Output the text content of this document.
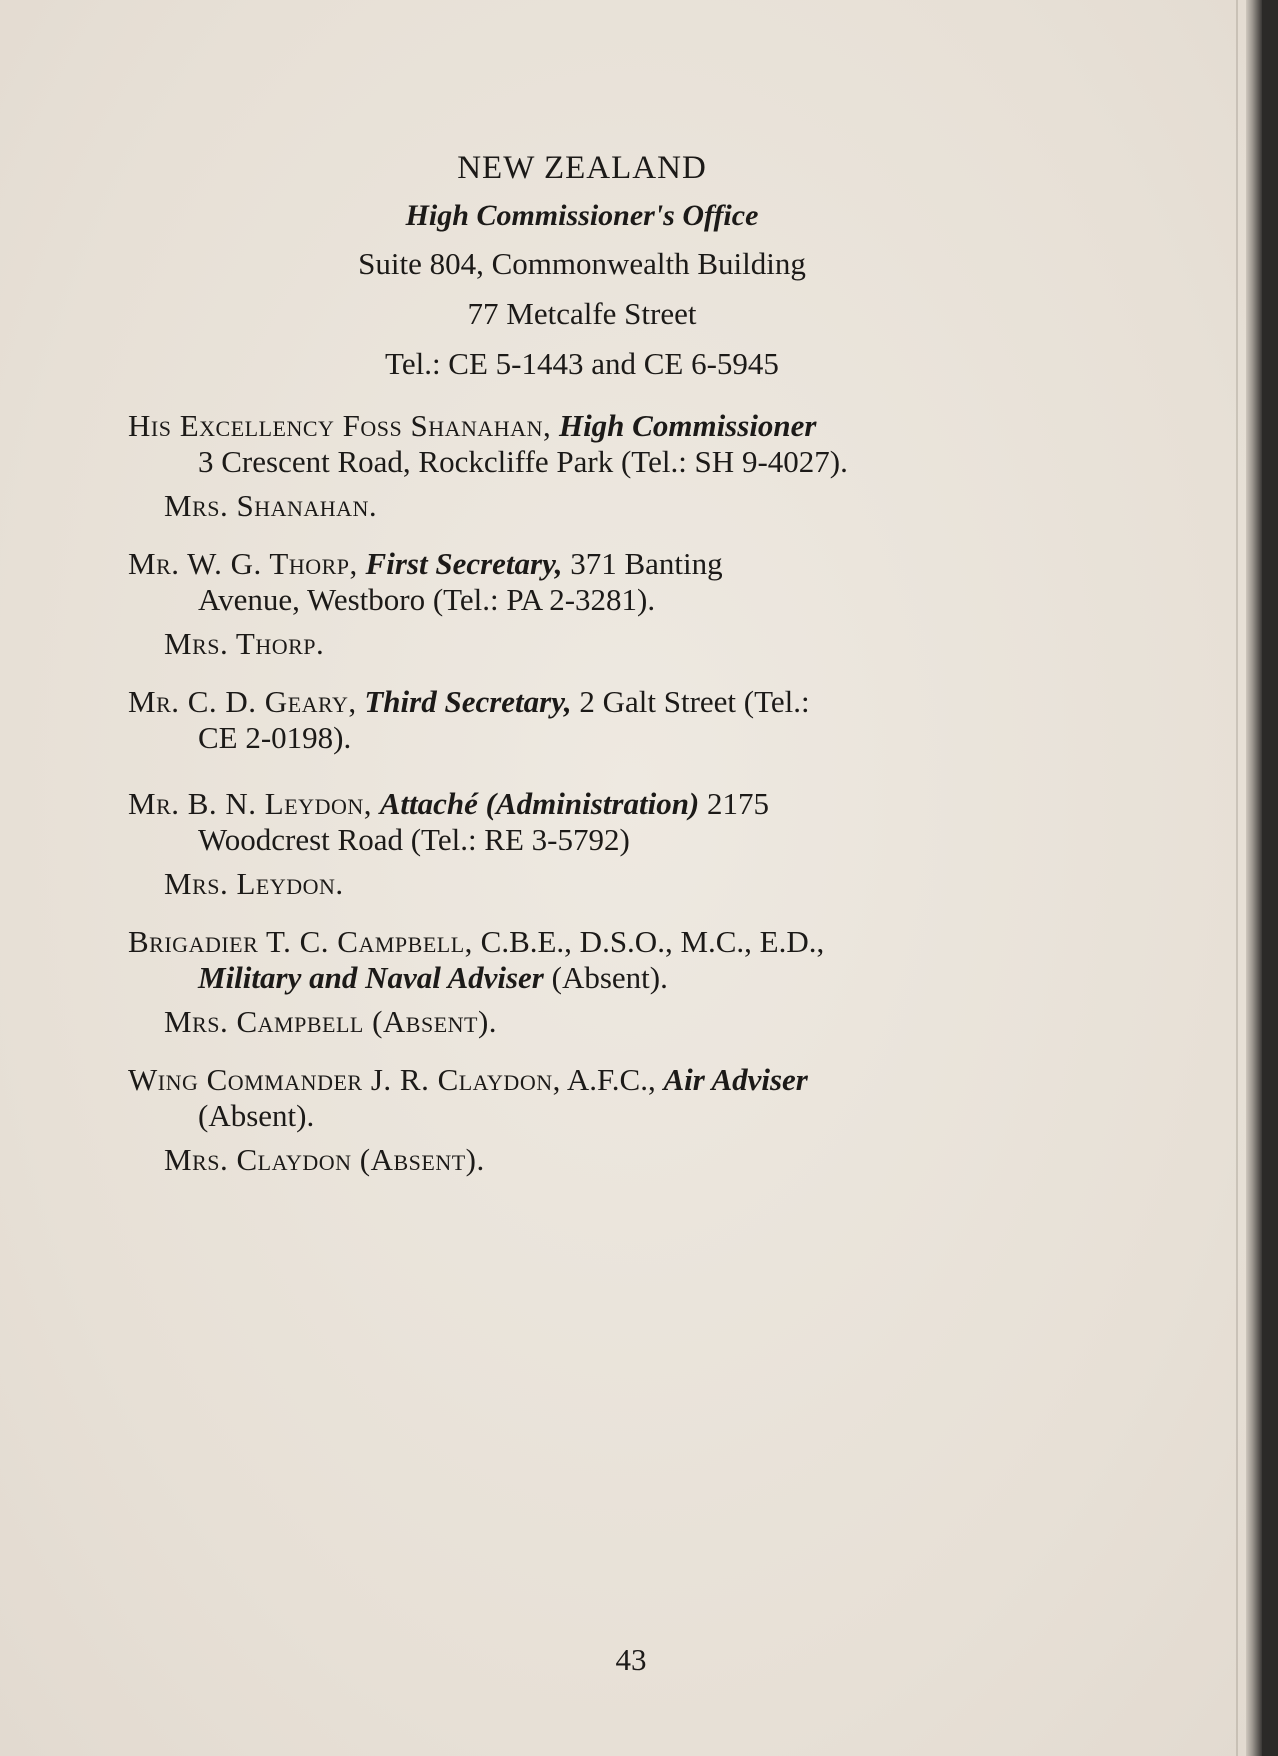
NEW ZEALAND
High Commissioner's Office
Suite 804, Commonwealth Building
77 Metcalfe Street
Tel.: CE 5-1443 and CE 6-5945
His Excellency Foss Shanahan, High Commissioner
3 Crescent Road, Rockcliffe Park (Tel.: SH 9-4027).
Mrs. Shanahan.
Mr. W. G. Thorp, First Secretary, 371 Banting
Avenue, Westboro (Tel.: PA 2-3281).
Mrs. Thorp.
Mr. C. D. Geary, Third Secretary, 2 Galt Street (Tel.:
CE 2-0198).
Mr. B. N. Leydon, Attaché (Administration) 2175
Woodcrest Road (Tel.: RE 3-5792)
Mrs. Leydon.
Brigadier T. C. Campbell, C.B.E., D.S.O., M.C., E.D.,
Military and Naval Adviser (Absent).
Mrs. Campbell (Absent).
Wing Commander J. R. Claydon, A.F.C., Air Adviser
(Absent).
Mrs. Claydon (Absent).
43
